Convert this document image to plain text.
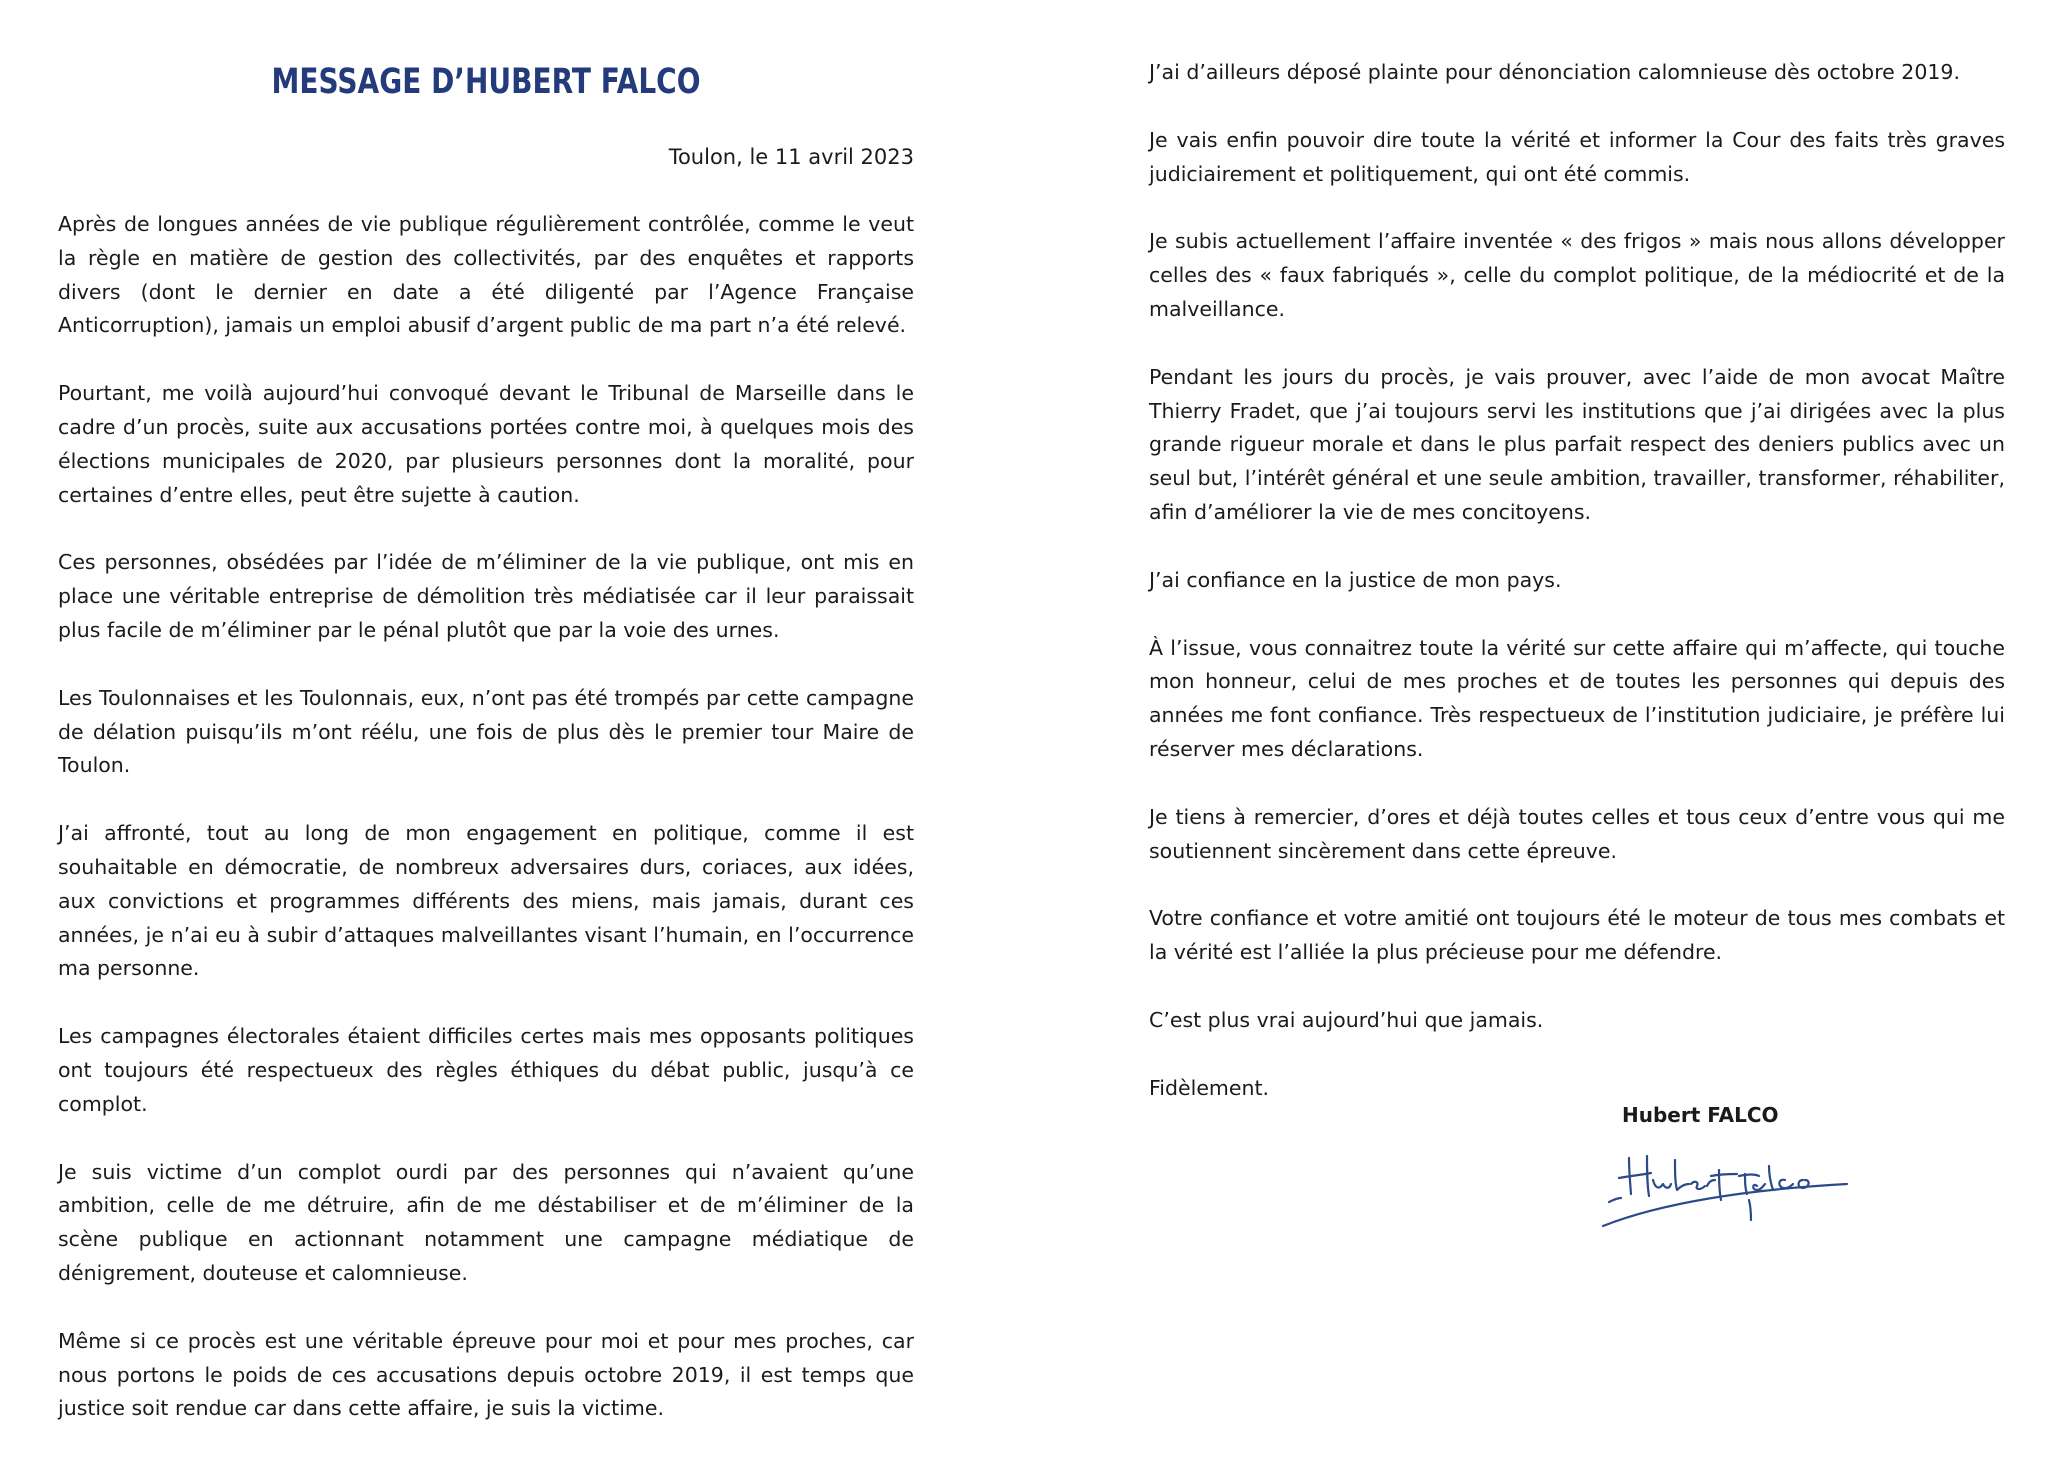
MESSAGE D’HUBERT FALCO

Toulon, le 11 avril 2023

Après de longues années de vie publique régulièrement contrôlée, comme le veut la règle en matière de gestion des collectivités, par des enquêtes et rapports divers (dont le dernier en date a été diligenté par l’Agence Française Anticorruption), jamais un emploi abusif d’argent public de ma part n’a été relevé.

Pourtant, me voilà aujourd’hui convoqué devant le Tribunal de Marseille dans le cadre d’un procès, suite aux accusations portées contre moi, à quelques mois des élections municipales de 2020, par plusieurs personnes dont la moralité, pour certaines d’entre elles, peut être sujette à caution.

Ces personnes, obsédées par l’idée de m’éliminer de la vie publique, ont mis en place une véritable entreprise de démolition très médiatisée car il leur paraissait plus facile de m’éliminer par le pénal plutôt que par la voie des urnes.

Les Toulonnaises et les Toulonnais, eux, n’ont pas été trompés par cette campagne de délation puisqu’ils m’ont réélu, une fois de plus dès le premier tour Maire de Toulon.

J’ai affronté, tout au long de mon engagement en politique, comme il est souhaitable en démocratie, de nombreux adversaires durs, coriaces, aux idées, aux convictions et programmes différents des miens, mais jamais, durant ces années, je n’ai eu à subir d’attaques malveillantes visant l’humain, en l’occurrence ma personne.

Les campagnes électorales étaient difficiles certes mais mes opposants politiques ont toujours été respectueux des règles éthiques du débat public, jusqu’à ce complot.

Je suis victime d’un complot ourdi par des personnes qui n’avaient qu’une ambition, celle de me détruire, afin de me déstabiliser et de m’éliminer de la scène publique en actionnant notamment une campagne médiatique de dénigrement, douteuse et calomnieuse.

Même si ce procès est une véritable épreuve pour moi et pour mes proches, car nous portons le poids de ces accusations depuis octobre 2019, il est temps que justice soit rendue car dans cette affaire, je suis la victime.

J’ai d’ailleurs déposé plainte pour dénonciation calomnieuse dès octobre 2019.

Je vais enfin pouvoir dire toute la vérité et informer la Cour des faits très graves judiciairement et politiquement, qui ont été commis.

Je subis actuellement l’affaire inventée « des frigos » mais nous allons développer celles des « faux fabriqués », celle du complot politique, de la médiocrité et de la malveillance.

Pendant les jours du procès, je vais prouver, avec l’aide de mon avocat Maître Thierry Fradet, que j’ai toujours servi les institutions que j’ai dirigées avec la plus grande rigueur morale et dans le plus parfait respect des deniers publics avec un seul but, l’intérêt général et une seule ambition, travailler, transformer, réhabiliter, afin d’améliorer la vie de mes concitoyens.

J’ai confiance en la justice de mon pays.

À l’issue, vous connaitrez toute la vérité sur cette affaire qui m’affecte, qui touche mon honneur, celui de mes proches et de toutes les personnes qui depuis des années me font confiance. Très respectueux de l’institution judiciaire, je préfère lui réserver mes déclarations.

Je tiens à remercier, d’ores et déjà toutes celles et tous ceux d’entre vous qui me soutiennent sincèrement dans cette épreuve.

Votre confiance et votre amitié ont toujours été le moteur de tous mes combats et la vérité est l’alliée la plus précieuse pour me défendre.

C’est plus vrai aujourd’hui que jamais.

Fidèlement.

Hubert FALCO
